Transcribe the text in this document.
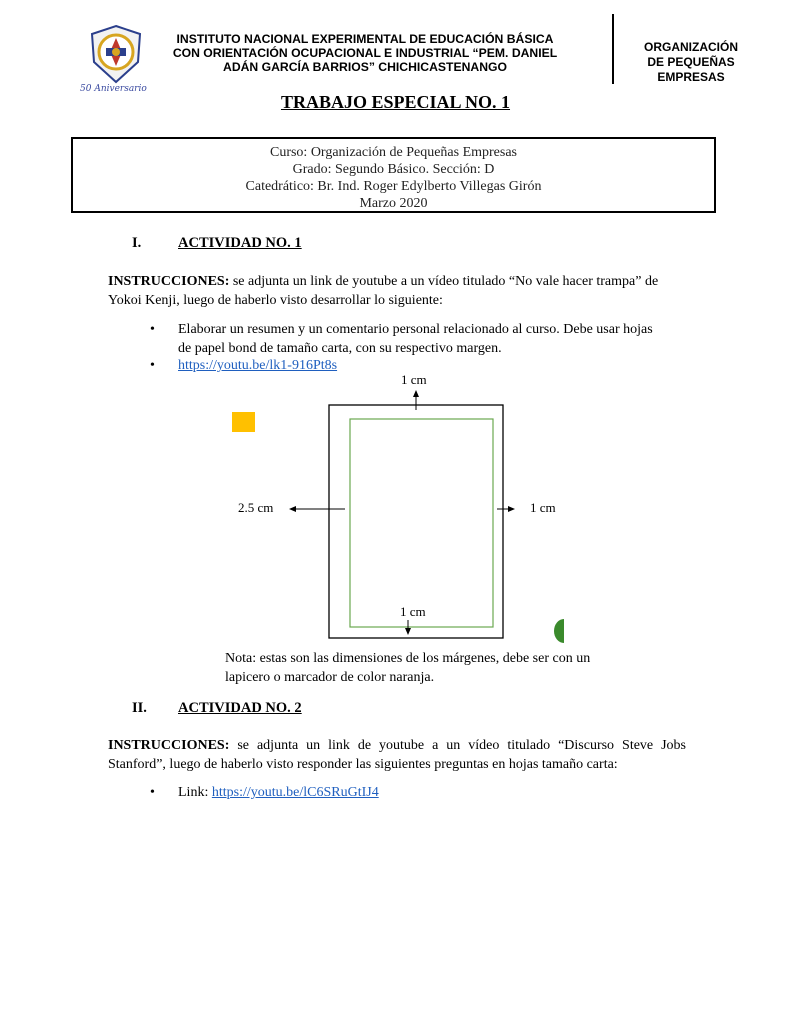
50 Aniversario
INSTITUTO NACIONAL EXPERIMENTAL DE EDUCACIÓN BÁSICA
CON ORIENTACIÓN OCUPACIONAL E INDUSTRIAL “PEM. DANIEL
ADÁN GARCÍA BARRIOS” CHICHICASTENANGO
ORGANIZACIÓN
DE PEQUEÑAS
EMPRESAS
TRABAJO ESPECIAL NO. 1
Curso: Organización de Pequeñas Empresas
Grado: Segundo Básico. Sección: D
Catedrático: Br. Ind. Roger Edylberto Villegas Girón
Marzo 2020
I.	ACTIVIDAD NO. 1
INSTRUCCIONES: se adjunta un link de youtube a un vídeo titulado “No vale hacer trampa” de Yokoi Kenji, luego de haberlo visto desarrollar lo siguiente:
• Elaborar un resumen y un comentario personal relacionado al curso. Debe usar hojas
de papel bond de tamaño carta, con su respectivo margen.
• https://youtu.be/lk1-916Pt8s
1 cm
2.5 cm	1 cm
1 cm
Nota: estas son las dimensiones de los márgenes, debe ser con un
lapicero o marcador de color naranja.
II. ACTIVIDAD NO. 2
INSTRUCCIONES: se adjunta un link de youtube a un vídeo titulado “Discurso Steve Jobs Stanford”, luego de haberlo visto responder las siguientes preguntas en hojas tamaño carta:
• Link: https://youtu.be/lC6SRuGtIJ4
